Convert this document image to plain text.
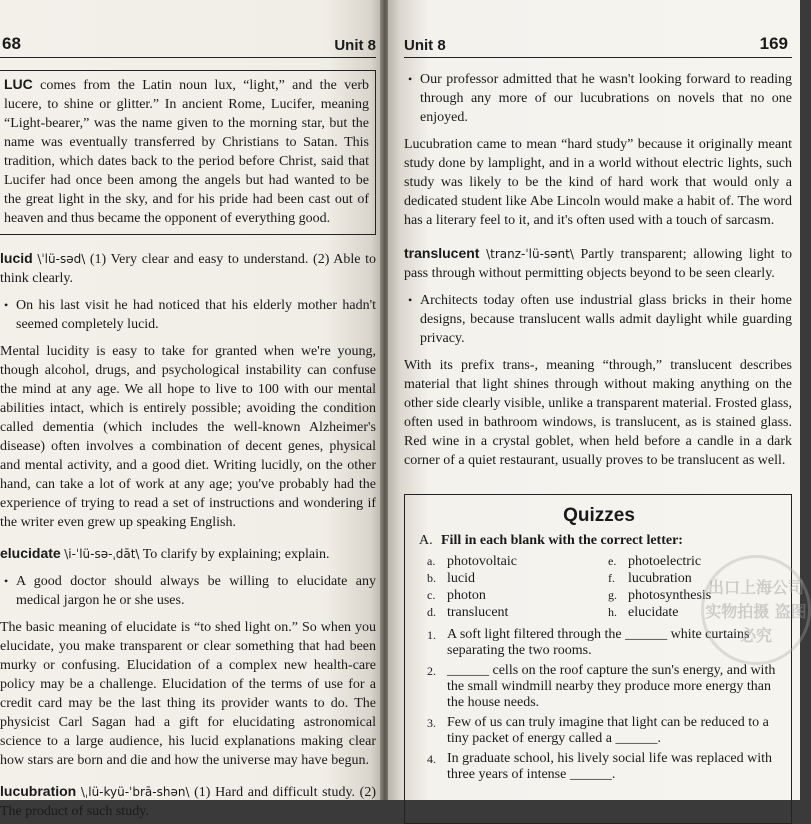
68	Unit 8

LUC comes from the Latin noun lux, “light,” and the verb lucere, to shine or glitter.” In ancient Rome, Lucifer, meaning “Light-bearer,” was the name given to the morning star, but the name was eventually transferred by Christians to Satan. This tradition, which dates back to the period before Christ, said that Lucifer had once been among the angels but had wanted to be the great light in the sky, and for his pride had been cast out of heaven and thus became the opponent of everything good.

lucid \ˈlü-səd\ (1) Very clear and easy to understand. (2) Able to think clearly.

• On his last visit he had noticed that his elderly mother hadn't seemed completely lucid.

Mental lucidity is easy to take for granted when we're young, though alcohol, drugs, and psychological instability can confuse the mind at any age. We all hope to live to 100 with our mental abilities intact, which is entirely possible; avoiding the condition called dementia (which includes the well-known Alzheimer's disease) often involves a combination of decent genes, physical and mental activity, and a good diet. Writing lucidly, on the other hand, can take a lot of work at any age; you've probably had the experience of trying to read a set of instructions and wondering if the writer even grew up speaking English.

elucidate \i-ˈlü-sə-ˌdāt\ To clarify by explaining; explain.

• A good doctor should always be willing to elucidate any medical jargon he or she uses.

The basic meaning of elucidate is “to shed light on.” So when you elucidate, you make transparent or clear something that had been murky or confusing. Elucidation of a complex new health-care policy may be a challenge. Elucidation of the terms of use for a credit card may be the last thing its provider wants to do. The physicist Carl Sagan had a gift for elucidating astronomical science to a large audience, his lucid explanations making clear how stars are born and die and how the universe may have begun.

lucubration \ˌlü-kyü-ˈbrā-shən\ (1) Hard and difficult study. (2) The product of such study.

Unit 8	169
• Our professor admitted that he wasn't looking forward to reading through any more of our lucubrations on novels that no one enjoyed.

Lucubration came to mean “hard study” because it originally meant study done by lamplight, and in a world without electric lights, such study was likely to be the kind of hard work that would only a dedicated student like Abe Lincoln would make a habit of. The word has a literary feel to it, and it's often used with a touch of sarcasm.

translucent \tranz-ˈlü-sənt\ Partly transparent; allowing light to pass through without permitting objects beyond to be seen clearly.

• Architects today often use industrial glass bricks in their home designs, because translucent walls admit daylight while guarding privacy.

With its prefix trans-, meaning “through,” translucent describes material that light shines through without making anything on the other side clearly visible, unlike a transparent material. Frosted glass, often used in bathroom windows, is translucent, as is stained glass. Red wine in a crystal goblet, when held before a candle in a dark corner of a quiet restaurant, usually proves to be translucent as well.

Quizzes
A. Fill in each blank with the correct letter:
a. photovoltaic	e. photoelectric
b. lucid	f. lucubration
c. photon	g. photosynthesis
d. translucent	h. elucidate
1. A soft light filtered through the ______ white curtains separating the two rooms.
2. ______ cells on the roof capture the sun's energy, and with the small windmill nearby they produce more energy than the house needs.
3. Few of us can truly imagine that light can be reduced to a tiny packet of energy called a ______.
4. In graduate school, his lively social life was replaced with three years of intense ______.
出口上海公司 实物拍摄 盗图必究
